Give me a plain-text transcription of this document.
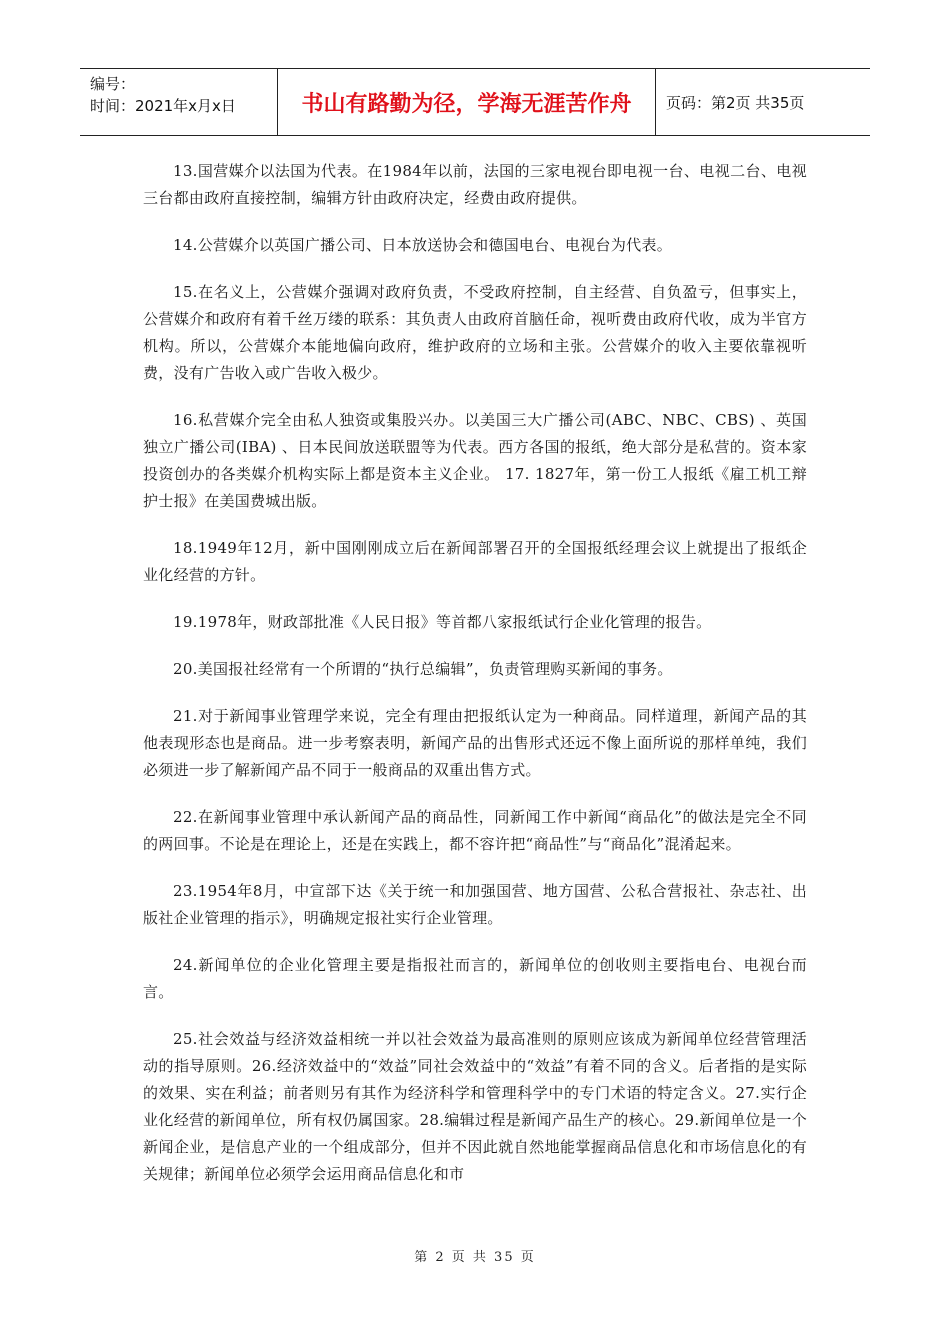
编号：
时间：2021年x月x日	书山有路勤为径，学海无涯苦作舟	页码：第2页 共35页

13.国营媒介以法国为代表。在1984年以前，法国的三家电视台即电视一台、电视二台、电视三台都由政府直接控制，编辑方针由政府决定，经费由政府提供。

14.公营媒介以英国广播公司、日本放送协会和德国电台、电视台为代表。

15.在名义上，公营媒介强调对政府负责，不受政府控制，自主经营、自负盈亏，但事实上，公营媒介和政府有着千丝万缕的联系：其负责人由政府首脑任命，视听费由政府代收，成为半官方机构。所以，公营媒介本能地偏向政府，维护政府的立场和主张。公营媒介的收入主要依靠视听费，没有广告收入或广告收入极少。

16.私营媒介完全由私人独资或集股兴办。以美国三大广播公司(ABC、NBC、CBS) 、英国独立广播公司(IBA) 、日本民间放送联盟等为代表。西方各国的报纸，绝大部分是私营的。资本家投资创办的各类媒介机构实际上都是资本主义企业。 17. 1827年，第一份工人报纸《雇工机工辩护士报》在美国费城出版。

18.1949年12月，新中国刚刚成立后在新闻部署召开的全国报纸经理会议上就提出了报纸企业化经营的方针。

19.1978年，财政部批准《人民日报》等首都八家报纸试行企业化管理的报告。

20.美国报社经常有一个所谓的“执行总编辑”，负责管理购买新闻的事务。

21.对于新闻事业管理学来说，完全有理由把报纸认定为一种商品。同样道理，新闻产品的其他表现形态也是商品。进一步考察表明，新闻产品的出售形式还远不像上面所说的那样单纯，我们必须进一步了解新闻产品不同于一般商品的双重出售方式。

22.在新闻事业管理中承认新闻产品的商品性，同新闻工作中新闻“商品化”的做法是完全不同的两回事。不论是在理论上，还是在实践上，都不容许把“商品性”与“商品化”混淆起来。

23.1954年8月，中宣部下达《关于统一和加强国营、地方国营、公私合营报社、杂志社、出版社企业管理的指示》，明确规定报社实行企业管理。

24.新闻单位的企业化管理主要是指报社而言的，新闻单位的创收则主要指电台、电视台而言。

25.社会效益与经济效益相统一并以社会效益为最高准则的原则应该成为新闻单位经营管理活动的指导原则。26.经济效益中的“效益”同社会效益中的“效益”有着不同的含义。后者指的是实际的效果、实在利益；前者则另有其作为经济科学和管理科学中的专门术语的特定含义。27.实行企业化经营的新闻单位，所有权仍属国家。28.编辑过程是新闻产品生产的核心。29.新闻单位是一个新闻企业，是信息产业的一个组成部分，但并不因此就自然地能掌握商品信息化和市场信息化的有关规律；新闻单位必须学会运用商品信息化和市

第 2 页 共 35 页
